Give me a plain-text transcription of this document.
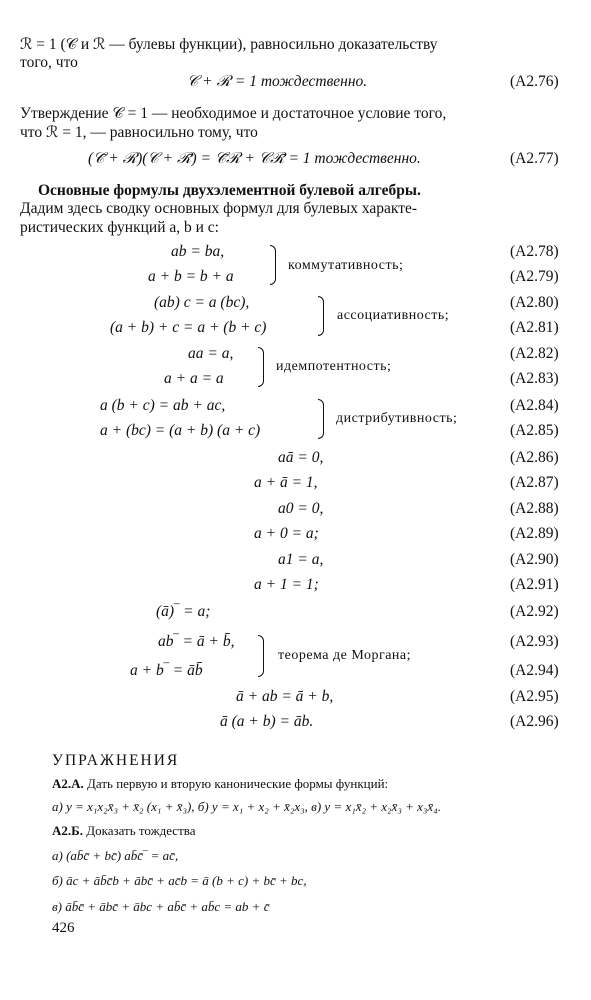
ℛ = 1 (𝒞 и ℛ — булевы функции), равносильно доказательству
того, что
𝒞 + ℛ = 1 тождественно.	(A2.76)
Утверждение 𝒞 = 1 — необходимое и достаточное условие того,
что ℛ = 1, — равносильно тому, что
(𝒞̄ + ℛ)(𝒞 + ℛ̄) = 𝒞̄ℛ + 𝒞ℛ̄ = 1 тождественно.	(A2.77)
Основные формулы двухэлементной булевой алгебры.
Дадим здесь сводку основных формул для булевых характе-
ристических функций a, b и c:
ab = ba,	(A2.78)
a + b = b + a	(A2.79)
коммутативность;
(ab) c = a (bc),	(A2.80)
(a + b) + c = a + (b + c)	(A2.81)
ассоциативность;
aa = a,	(A2.82)
a + a = a	(A2.83)
идемпотентность;
a (b + c) = ab + ac,	(A2.84)
a + (bc) = (a + b) (a + c)	(A2.85)
дистрибутивность;
aā = 0,	(A2.86)
a + ā = 1,	(A2.87)
a0 = 0,	(A2.88)
a + 0 = a;	(A2.89)
a1 = a,	(A2.90)
a + 1 = 1;	(A2.91)
(ā)‾ = a;	(A2.92)
ab‾ = ā + b̄,	(A2.93)
a + b‾ = āb̄	(A2.94)
теорема де Моргана;
ā + ab = ā + b,	(A2.95)
ā (a + b) = āb.	(A2.96)
УПРАЖНЕНИЯ
A2.А. Дать первую и вторую канонические формы функций:
а) y = x₁x₂x̄₃ + x̄₂ (x₁ + x̄₃), б) y = x₁ + x₂ + x̄₂x₃, в) y = x₁x̄₂ + x₂x̄₃ + x₃x̄₄.
A2.Б. Доказать тождества
а) (ab̄c̄ + bc̄) ab̄c̄‾ = ac̄,
б) āc + āb̄c̄b + ābc̄ + ac̄b = ā (b + c) + bc̄ + bc,
в) āb̄c̄ + ābc̄ + ābc + ab̄c̄ + ab̄c = ab + c̄
426
